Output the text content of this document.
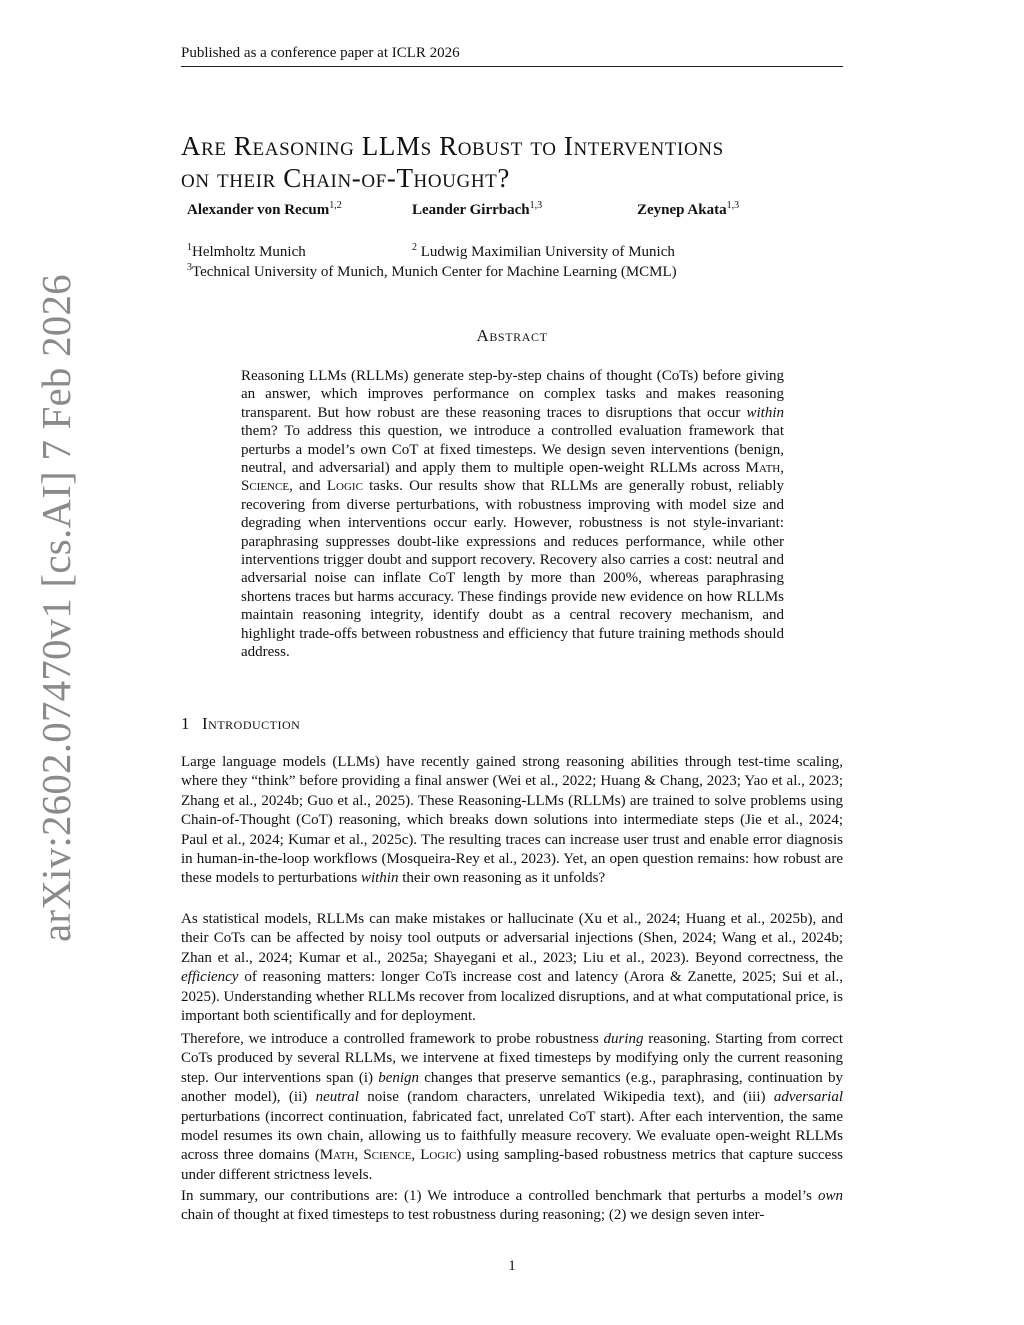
Published as a conference paper at ICLR 2026
arXiv:2602.07470v1 [cs.AI] 7 Feb 2026
Are Reasoning LLMs Robust to Interventions
on their Chain-of-Thought?
Alexander von Recum$^{1,2}$	Leander Girrbach$^{1,3}$	Zeynep Akata$^{1,3}$
$^1$Helmholtz Munich	$^2$ Ludwig Maximilian University of Munich
$^3$Technical University of Munich, Munich Center for Machine Learning (MCML)
Abstract

Reasoning LLMs (RLLMs) generate step-by-step chains of thought (CoTs) before giving an answer, which improves performance on complex tasks and makes reasoning transparent. But how robust are these reasoning traces to disruptions that occur within them? To address this question, we introduce a controlled evaluation framework that perturbs a model’s own CoT at fixed timesteps. We design seven interventions (benign, neutral, and adversarial) and apply them to multiple open-weight RLLMs across Math, Science, and Logic tasks. Our results show that RLLMs are generally robust, reliably recovering from diverse perturbations, with robustness improving with model size and degrading when interventions occur early. However, robustness is not style-invariant: paraphrasing suppresses doubt-like expressions and reduces performance, while other interventions trigger doubt and support recovery. Recovery also carries a cost: neutral and adversarial noise can inflate CoT length by more than 200%, whereas paraphrasing shortens traces but harms accuracy. These findings provide new evidence on how RLLMs maintain reasoning integrity, identify doubt as a central recovery mechanism, and highlight trade-offs between robustness and efficiency that future training methods should address.

1 Introduction

Large language models (LLMs) have recently gained strong reasoning abilities through test-time scaling, where they “think” before providing a final answer (Wei et al., 2022; Huang & Chang, 2023; Yao et al., 2023; Zhang et al., 2024b; Guo et al., 2025). These Reasoning-LLMs (RLLMs) are trained to solve problems using Chain-of-Thought (CoT) reasoning, which breaks down solutions into intermediate steps (Jie et al., 2024; Paul et al., 2024; Kumar et al., 2025c). The resulting traces can increase user trust and enable error diagnosis in human-in-the-loop workflows (Mosqueira-Rey et al., 2023). Yet, an open question remains: how robust are these models to perturbations within their own reasoning as it unfolds?

As statistical models, RLLMs can make mistakes or hallucinate (Xu et al., 2024; Huang et al., 2025b), and their CoTs can be affected by noisy tool outputs or adversarial injections (Shen, 2024; Wang et al., 2024b; Zhan et al., 2024; Kumar et al., 2025a; Shayegani et al., 2023; Liu et al., 2023). Beyond correctness, the efficiency of reasoning matters: longer CoTs increase cost and latency (Arora & Zanette, 2025; Sui et al., 2025). Understanding whether RLLMs recover from localized disruptions, and at what computational price, is important both scientifically and for deployment.

Therefore, we introduce a controlled framework to probe robustness during reasoning. Starting from correct CoTs produced by several RLLMs, we intervene at fixed timesteps by modifying only the current reasoning step. Our interventions span (i) benign changes that preserve semantics (e.g., paraphrasing, continuation by another model), (ii) neutral noise (random characters, unrelated Wikipedia text), and (iii) adversarial perturbations (incorrect continuation, fabricated fact, unrelated CoT start). After each intervention, the same model resumes its own chain, allowing us to faithfully measure recovery. We evaluate open-weight RLLMs across three domains (Math, Science, Logic) using sampling-based robustness metrics that capture success under different strictness levels.

In summary, our contributions are: (1) We introduce a controlled benchmark that perturbs a model’s own chain of thought at fixed timesteps to test robustness during reasoning; (2) we design seven inter-

1
